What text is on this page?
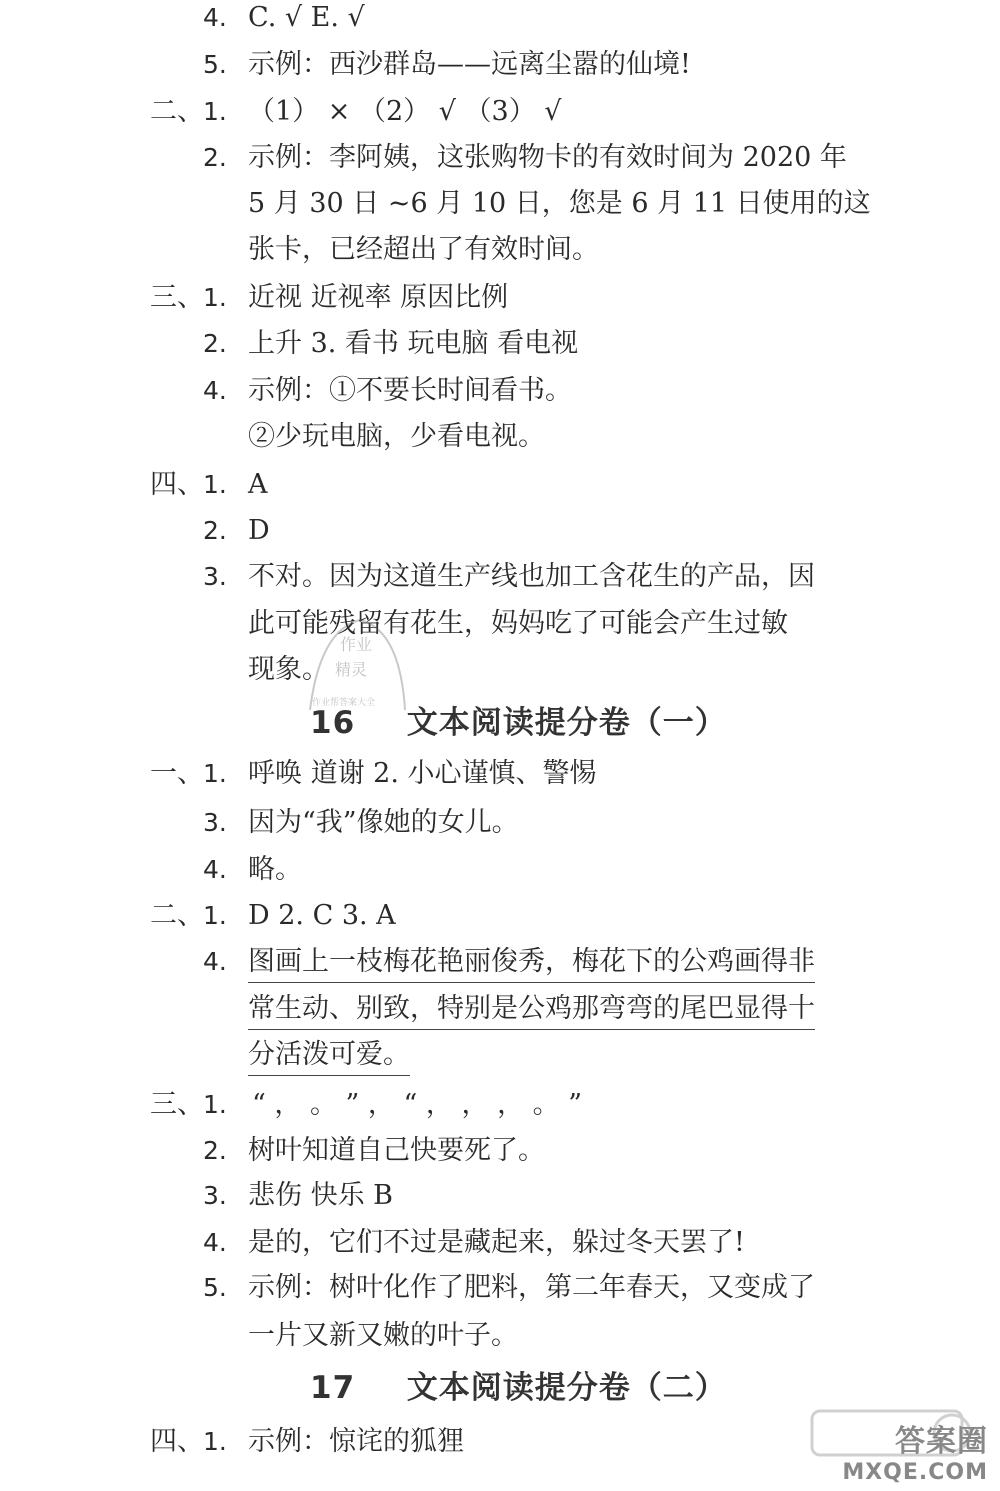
4. C. √ E. √
5. 示例：西沙群岛——远离尘嚣的仙境!
二、 1. （1） × （2） √ （3） √
2. 示例：李阿姨，这张购物卡的有效时间为 2020 年
5 月 30 日 ~6 月 10 日，您是 6 月 11 日使用的这
张卡，已经超出了有效时间。
三、 1. 近视 近视率 原因比例
2. 上升 3. 看书 玩电脑 看电视
4. 示例：①不要长时间看书。
②少玩电脑，少看电视。
四、 1. A
2. D
3. 不对。因为这道生产线也加工含花生的产品，因
此可能残留有花生，妈妈吃了可能会产生过敏
现象。
作业
精灵
作业帮答案大全
16 文本阅读提分卷（一）
一、 1. 呼唤 道谢 2. 小心谨慎、警惕
3. 因为“我”像她的女儿。
4. 略。
二、 1. D 2. C 3. A
4. 图画上一枝梅花艳丽俊秀，梅花下的公鸡画得非
常生动、别致，特别是公鸡那弯弯的尾巴显得十
分活泼可爱。
三、 1. “ ， 。 ” ， “ ， ， ， 。 ”
2. 树叶知道自己快要死了。
3. 悲伤 快乐 B
4. 是的，它们不过是藏起来，躲过冬天罢了!
5. 示例：树叶化作了肥料，第二年春天，又变成了
一片又新又嫩的叶子。
17 文本阅读提分卷（二）
四、 1. 示例：惊诧的狐狸	答案圈
MXQE.COM
